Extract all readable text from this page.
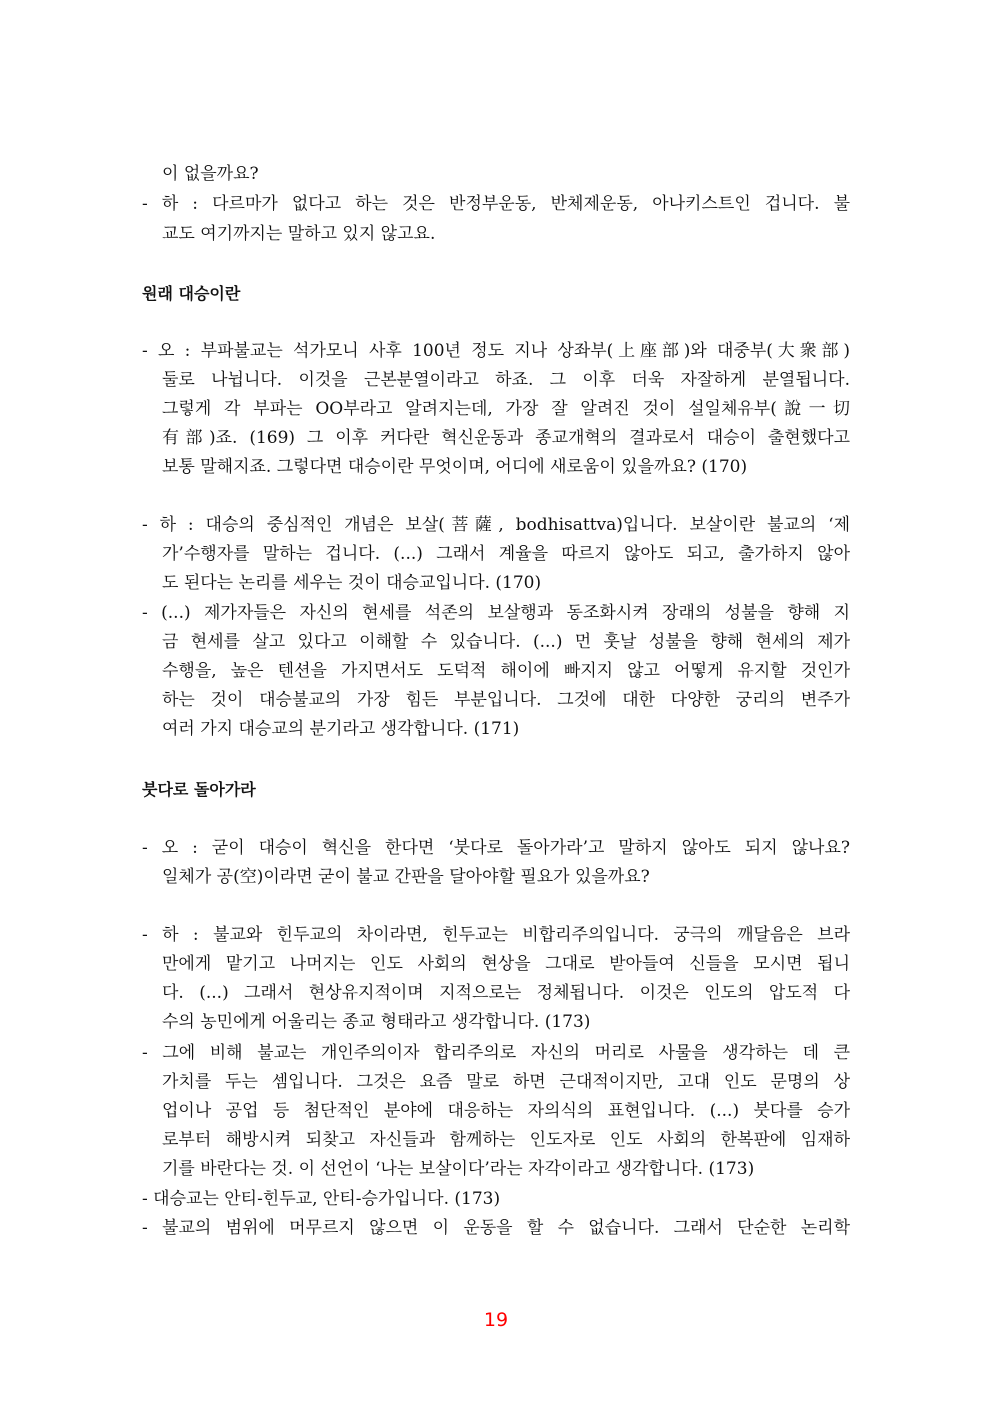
이 없을까요?
- 하 : 다르마가 없다고 하는 것은 반정부운동, 반체제운동, 아나키스트인 겁니다. 불
교도 여기까지는 말하고 있지 않고요.
원래 대승이란
- 오 : 부파불교는 석가모니 사후 100년 정도 지나 상좌부(上座部)와 대중부(大衆部)
둘로 나뉩니다. 이것을 근본분열이라고 하죠. 그 이후 더욱 자잘하게 분열됩니다.
그렇게 각 부파는 OO부라고 알려지는데, 가장 잘 알려진 것이 설일체유부(說一切
有部)죠. (169) 그 이후 커다란 혁신운동과 종교개혁의 결과로서 대승이 출현했다고
보통 말해지죠. 그렇다면 대승이란 무엇이며, 어디에 새로움이 있을까요? (170)
- 하 : 대승의 중심적인 개념은 보살(菩薩, bodhisattva)입니다. 보살이란 불교의 ‘제
가’수행자를 말하는 겁니다. (...) 그래서 계율을 따르지 않아도 되고, 출가하지 않아
도 된다는 논리를 세우는 것이 대승교입니다. (170)
- (...) 제가자들은 자신의 현세를 석존의 보살행과 동조화시켜 장래의 성불을 향해 지
금 현세를 살고 있다고 이해할 수 있습니다. (...) 먼 훗날 성불을 향해 현세의 제가
수행을, 높은 텐션을 가지면서도 도덕적 해이에 빠지지 않고 어떻게 유지할 것인가
하는 것이 대승불교의 가장 힘든 부분입니다. 그것에 대한 다양한 궁리의 변주가
여러 가지 대승교의 분기라고 생각합니다. (171)
붓다로 돌아가라
- 오 : 굳이 대승이 혁신을 한다면 ‘붓다로 돌아가라’고 말하지 않아도 되지 않나요?
일체가 공(空)이라면 굳이 불교 간판을 달아야할 필요가 있을까요?
- 하 : 불교와 힌두교의 차이라면, 힌두교는 비합리주의입니다. 궁극의 깨달음은 브라
만에게 맡기고 나머지는 인도 사회의 현상을 그대로 받아들여 신들을 모시면 됩니
다. (...) 그래서 현상유지적이며 지적으로는 정체됩니다. 이것은 인도의 압도적 다
수의 농민에게 어울리는 종교 형태라고 생각합니다. (173)
- 그에 비해 불교는 개인주의이자 합리주의로 자신의 머리로 사물을 생각하는 데 큰
가치를 두는 셈입니다. 그것은 요즘 말로 하면 근대적이지만, 고대 인도 문명의 상
업이나 공업 등 첨단적인 분야에 대응하는 자의식의 표현입니다. (...) 붓다를 승가
로부터 해방시켜 되찾고 자신들과 함께하는 인도자로 인도 사회의 한복판에 임재하
기를 바란다는 것. 이 선언이 ‘나는 보살이다’라는 자각이라고 생각합니다. (173)
- 대승교는 안티-힌두교, 안티-승가입니다. (173)
- 불교의 범위에 머무르지 않으면 이 운동을 할 수 없습니다. 그래서 단순한 논리학
19
